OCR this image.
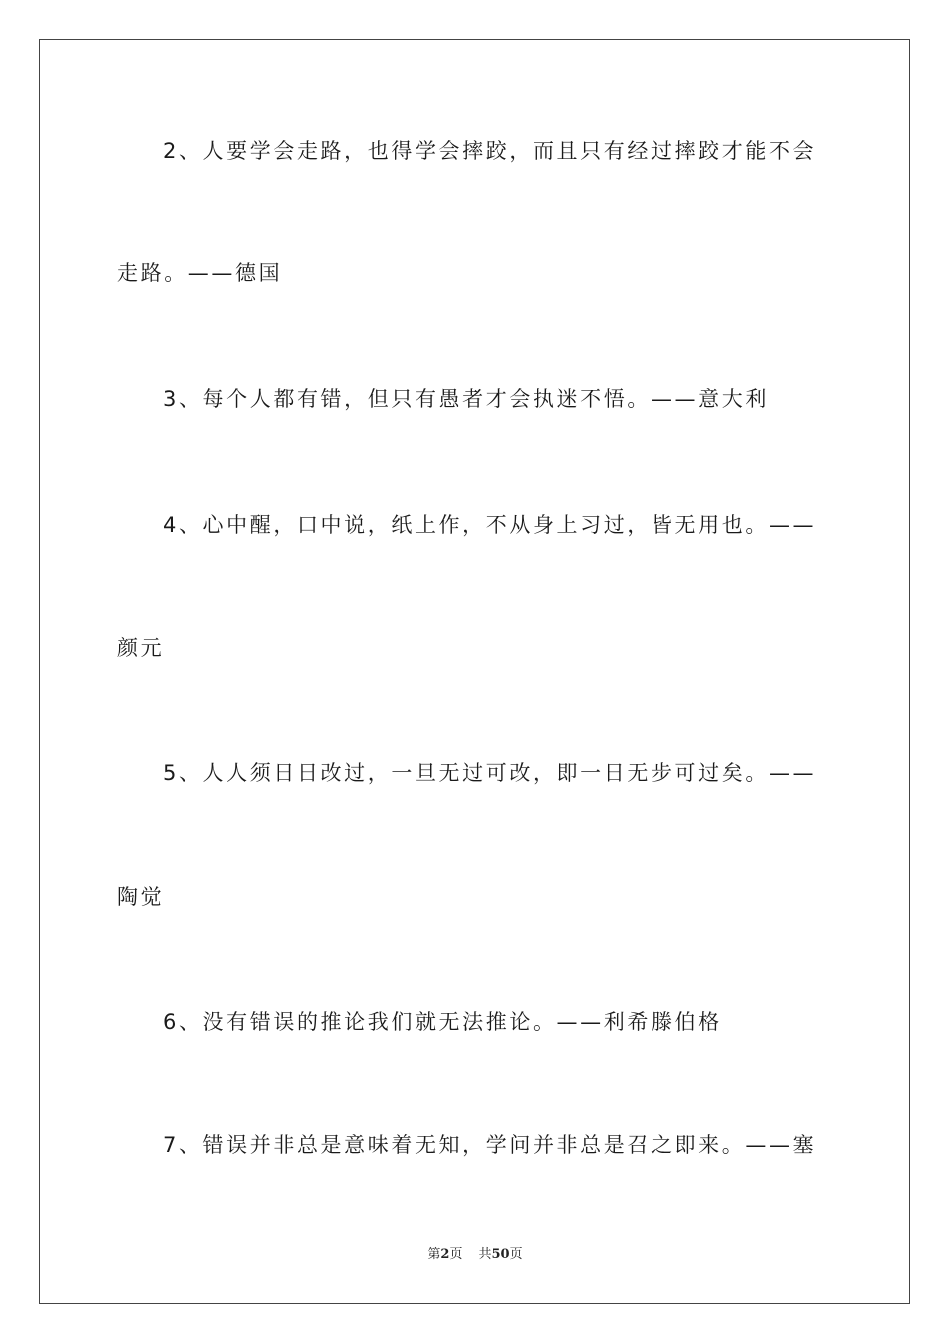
2、人要学会走路，也得学会摔跤，而且只有经过摔跤才能不会
走路。——德国
3、每个人都有错，但只有愚者才会执迷不悟。——意大利
4、心中醒，口中说，纸上作，不从身上习过，皆无用也。——
颜元
5、人人须日日改过，一旦无过可改，即一日无步可过矣。——
陶觉
6、没有错误的推论我们就无法推论。——利希滕伯格
7、错误并非总是意味着无知，学问并非总是召之即来。——塞
第2页 共50页
